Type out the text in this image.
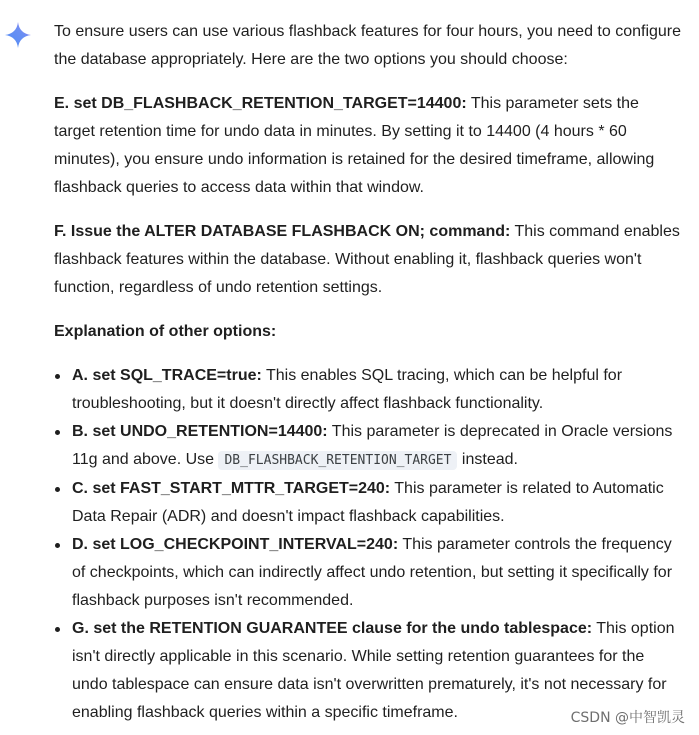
To ensure users can use various flashback features for four hours, you need to configure the database appropriately. Here are the two options you should choose:

E. set DB_FLASHBACK_RETENTION_TARGET=14400: This parameter sets the target retention time for undo data in minutes. By setting it to 14400 (4 hours * 60 minutes), you ensure undo information is retained for the desired timeframe, allowing flashback queries to access data within that window.

F. Issue the ALTER DATABASE FLASHBACK ON; command: This command enables flashback features within the database. Without enabling it, flashback queries won't function, regardless of undo retention settings.

Explanation of other options:
A. set SQL_TRACE=true: This enables SQL tracing, which can be helpful for troubleshooting, but it doesn't directly affect flashback functionality.
B. set UNDO_RETENTION=14400: This parameter is deprecated in Oracle versions 11g and above. Use DB_FLASHBACK_RETENTION_TARGET instead.
C. set FAST_START_MTTR_TARGET=240: This parameter is related to Automatic Data Repair (ADR) and doesn't impact flashback capabilities.
D. set LOG_CHECKPOINT_INTERVAL=240: This parameter controls the frequency of checkpoints, which can indirectly affect undo retention, but setting it specifically for flashback purposes isn't recommended.
G. set the RETENTION GUARANTEE clause for the undo tablespace: This option isn't directly applicable in this scenario. While setting retention guarantees for the undo tablespace can ensure data isn't overwritten prematurely, it's not necessary for enabling flashback queries within a specific timeframe.	CSDN @中智凯灵
